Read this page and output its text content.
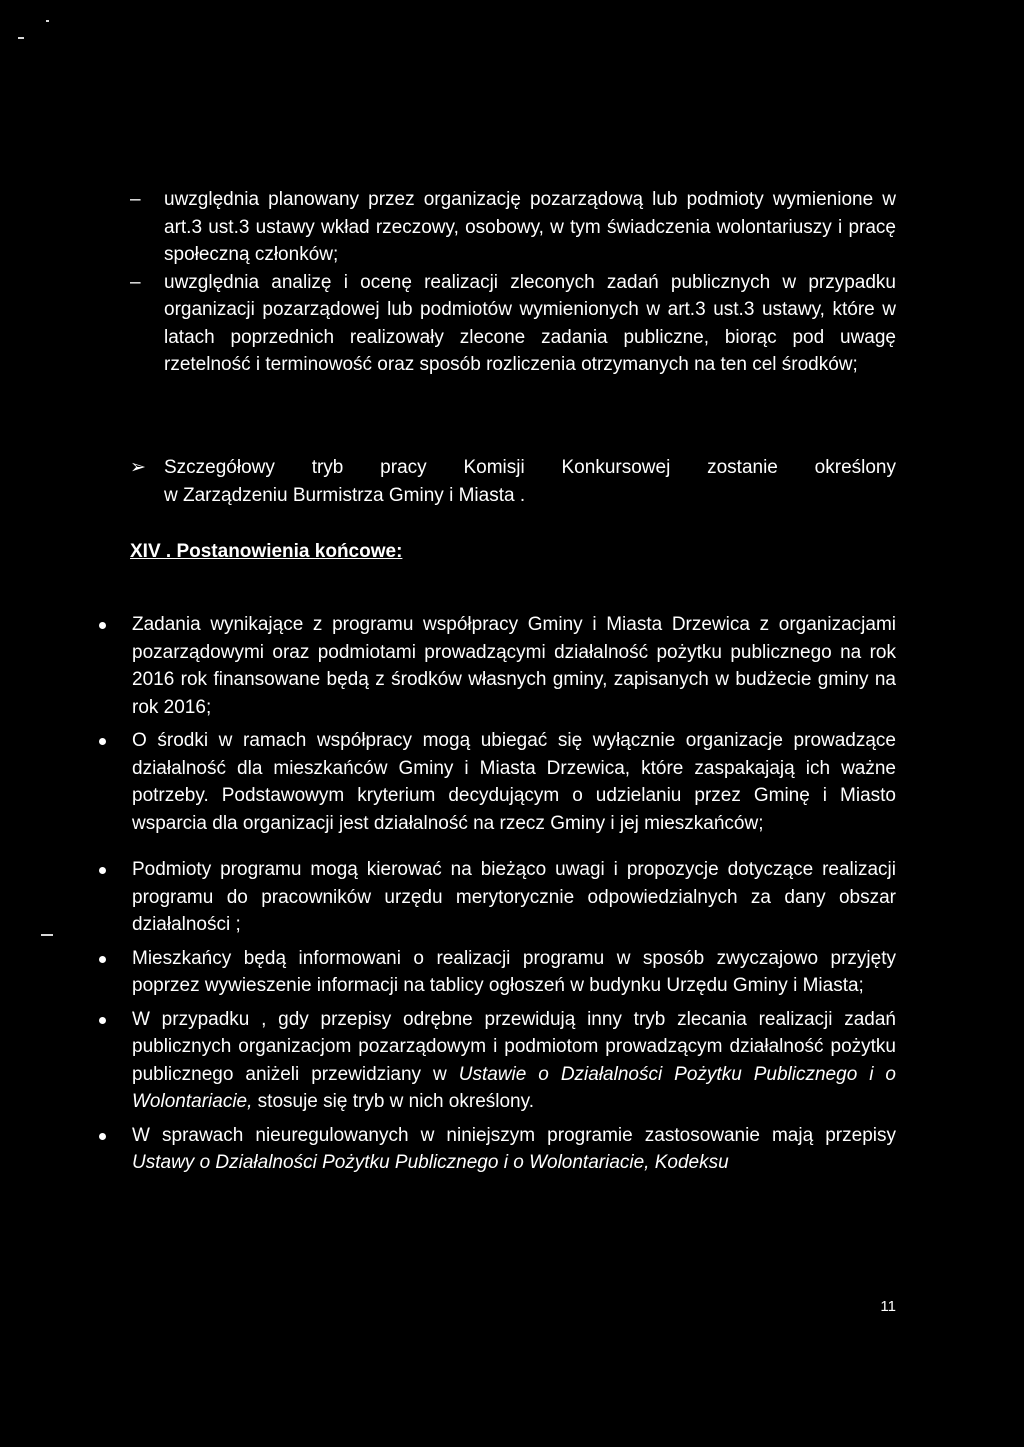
– uwzględnia planowany przez organizację pozarządową lub podmioty wymienione w art.3 ust.3 ustawy wkład rzeczowy, osobowy, w tym świadczenia wolontariuszy i pracę społeczną członków;
– uwzględnia analizę i ocenę realizacji zleconych zadań publicznych w przypadku organizacji pozarządowej lub podmiotów wymienionych w art.3 ust.3 ustawy, które w latach poprzednich realizowały zlecone zadania publiczne, biorąc pod uwagę rzetelność i terminowość oraz sposób rozliczenia otrzymanych na ten cel środków;
➢ Szczegółowy tryb pracy Komisji Konkursowej zostanie określony
w Zarządzeniu Burmistrza Gminy i Miasta .
XIV . Postanowienia końcowe:
Zadania wynikające z programu współpracy Gminy i Miasta Drzewica z organizacjami pozarządowymi oraz podmiotami prowadzącymi działalność pożytku publicznego na rok 2016 rok finansowane będą z środków własnych gminy, zapisanych w budżecie gminy na rok 2016;
O środki w ramach współpracy mogą ubiegać się wyłącznie organizacje prowadzące działalność dla mieszkańców Gminy i Miasta Drzewica, które zaspakajają ich ważne potrzeby. Podstawowym kryterium decydującym o udzielaniu przez Gminę i Miasto wsparcia dla organizacji jest działalność na rzecz Gminy i jej mieszkańców;
Podmioty programu mogą kierować na bieżąco uwagi i propozycje dotyczące realizacji programu do pracowników urzędu merytorycznie odpowiedzialnych za dany obszar działalności ;
Mieszkańcy będą informowani o realizacji programu w sposób zwyczajowo przyjęty poprzez wywieszenie informacji na tablicy ogłoszeń w budynku Urzędu Gminy i Miasta;
W przypadku , gdy przepisy odrębne przewidują inny tryb zlecania realizacji zadań publicznych organizacjom pozarządowym i podmiotom prowadzącym działalność pożytku publicznego aniżeli przewidziany w Ustawie o Działalności Pożytku Publicznego i o Wolontariacie, stosuje się tryb w nich określony.
W sprawach nieuregulowanych w niniejszym programie zastosowanie mają przepisy Ustawy o Działalności Pożytku Publicznego i o Wolontariacie, Kodeksu
11
